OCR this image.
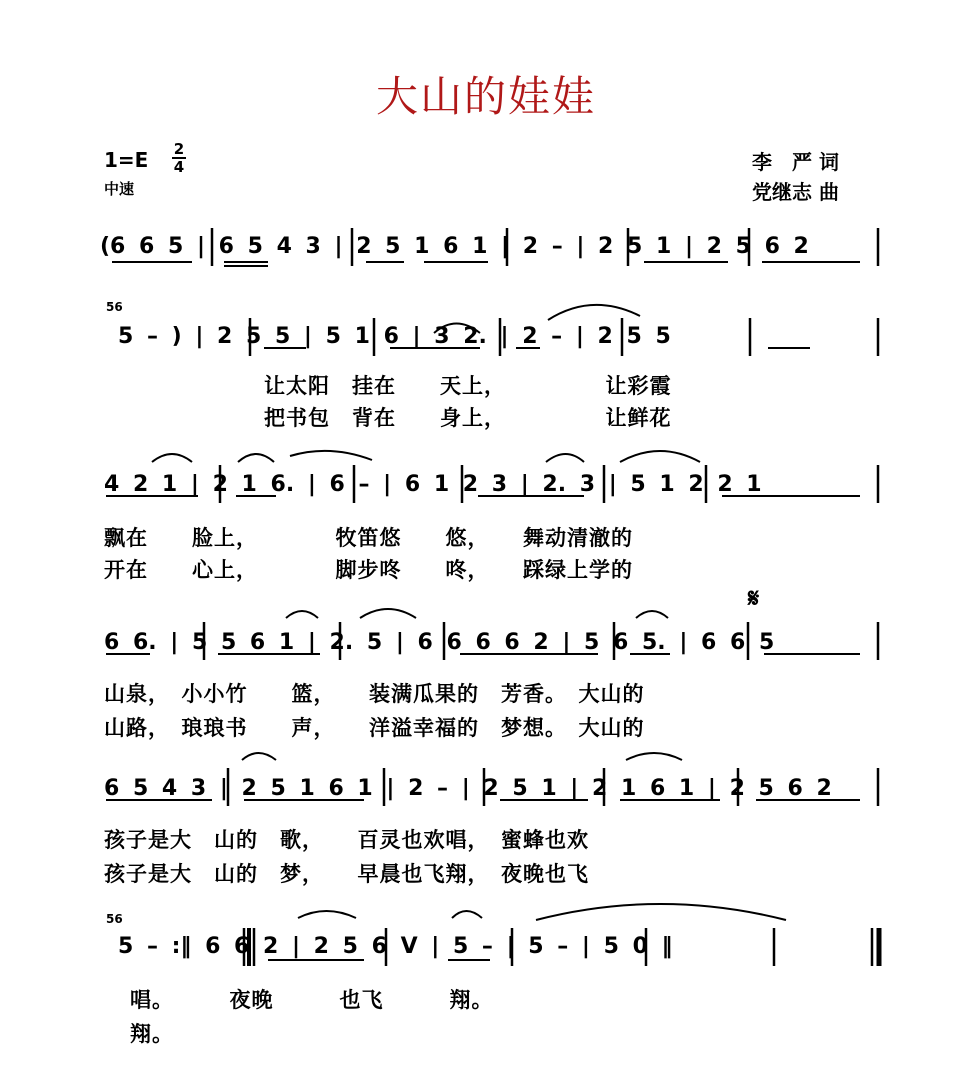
大山的娃娃
1=E 2
4
中速
李　严 词
党继志 曲
𝄋
(6 6 5 | 6 5 4 3 | 2 5 1 6 1 | 2 – | 2 5 1 | 2 5 6 2
56
5 – ) | 2 5 5 | 5 1 6 | 3 2. | 2 – | 2 5 5
让太阳　挂在　　天上，　　　　　让彩霞
把书包　背在　　身上，　　　　　让鲜花
4 2 1 | 2 1 6. | 6 – | 6 1 2 3 | 2. 3 | 5 1 2 2 1
飘在　　脸上，　　　　牧笛悠　　悠，　　舞动清澈的
开在　　心上，　　　　脚步咚　　咚，　　踩绿上学的
6 6. | 5 5 6 1 | 2. 5 | 6 6 6 6 2 | 5 6 5. | 6 6 5
山泉，　小小竹　　篮，　　装满瓜果的　芳香。　大山的
山路，　琅琅书　　声，　　洋溢幸福的　梦想。　大山的
6 5 4 3 | 2 5 1 6 1 | 2 – | 2 5 1 | 2 1 6 1 | 2 5 6 2
孩子是大　山的　歌，　　百灵也欢唱，　蜜蜂也欢
孩子是大　山的　梦，　　早晨也飞翔，　夜晚也飞
56
5 – :‖ 6 6 2 | 2 5 6 V | 5 – | 5 – | 5 0 ‖
唱。　　　夜晚　　　也飞　　　翔。
翔。
